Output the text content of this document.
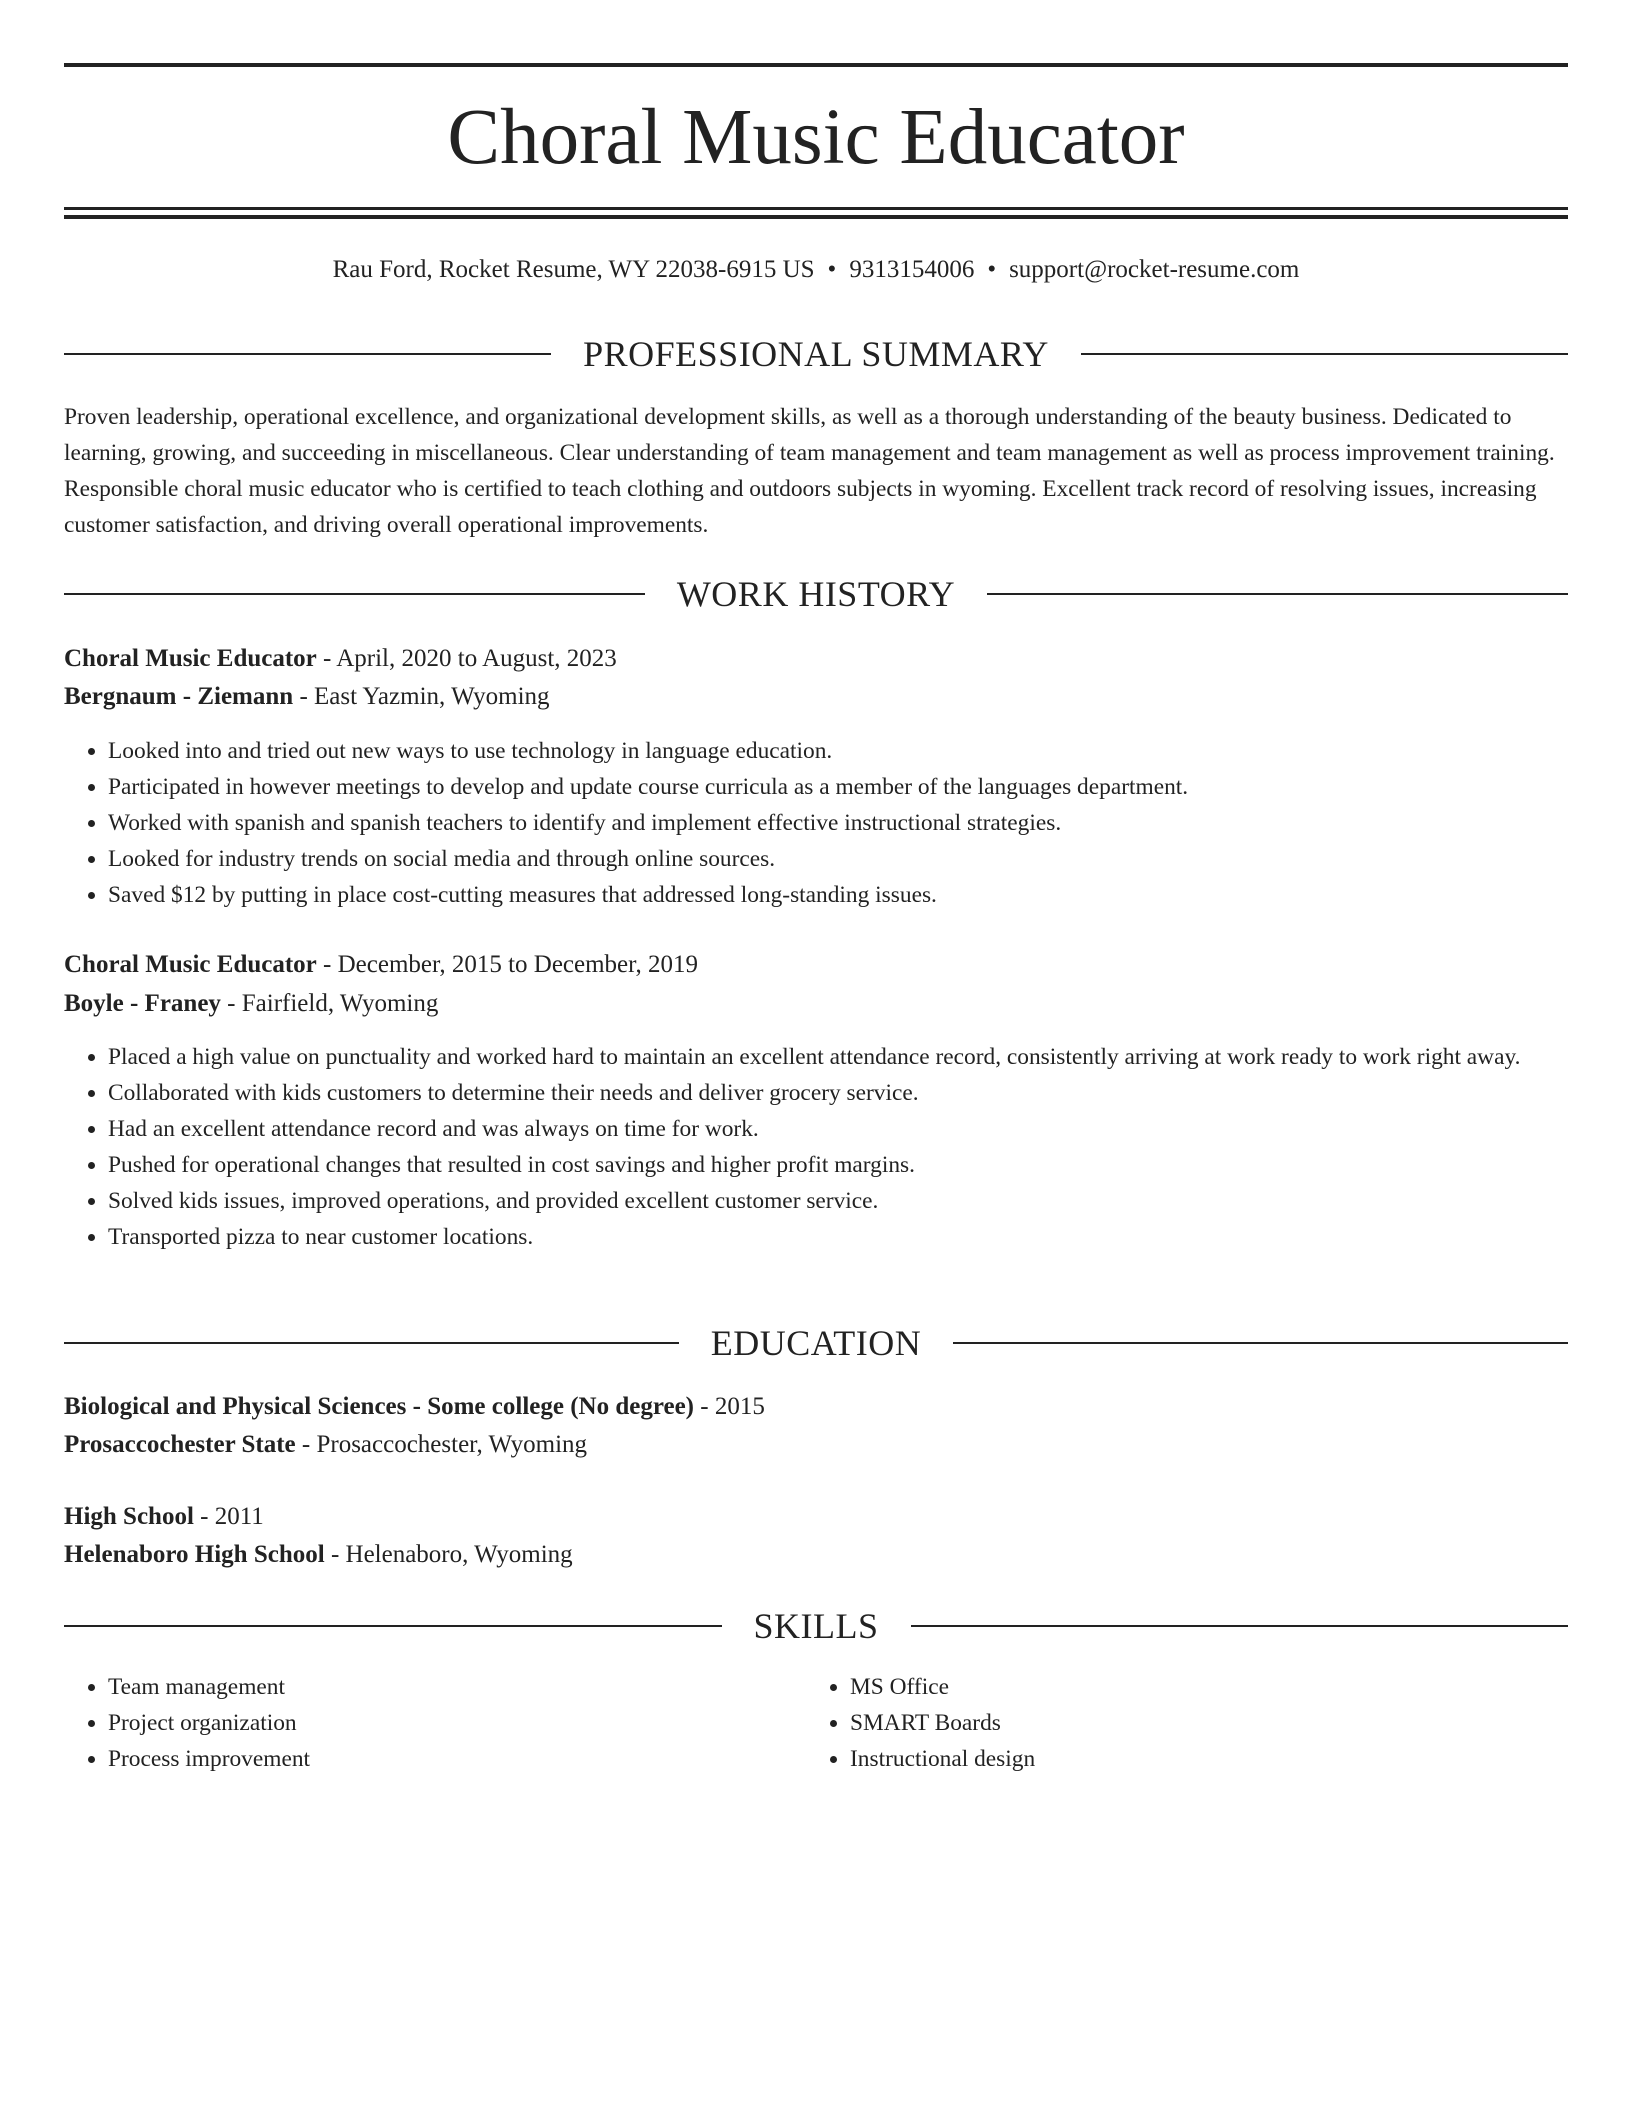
Choral Music Educator
Rau Ford, Rocket Resume, WY 22038-6915 US • 9313154006 • support@rocket-resume.com
PROFESSIONAL SUMMARY

Proven leadership, operational excellence, and organizational development skills, as well as a thorough understanding of the beauty business. Dedicated to learning, growing, and succeeding in miscellaneous. Clear understanding of team management and team management as well as process improvement training. Responsible choral music educator who is certified to teach clothing and outdoors subjects in wyoming. Excellent track record of resolving issues, increasing customer satisfaction, and driving overall operational improvements.

WORK HISTORY
Choral Music Educator - April, 2020 to August, 2023
Bergnaum - Ziemann - East Yazmin, Wyoming
• Looked into and tried out new ways to use technology in language education.
• Participated in however meetings to develop and update course curricula as a member of the languages department.
• Worked with spanish and spanish teachers to identify and implement effective instructional strategies.
• Looked for industry trends on social media and through online sources.
• Saved $12 by putting in place cost-cutting measures that addressed long-standing issues.
Choral Music Educator - December, 2015 to December, 2019
Boyle - Franey - Fairfield, Wyoming
• Placed a high value on punctuality and worked hard to maintain an excellent attendance record, consistently arriving at work ready to work right away.
• Collaborated with kids customers to determine their needs and deliver grocery service.
• Had an excellent attendance record and was always on time for work.
• Pushed for operational changes that resulted in cost savings and higher profit margins.
• Solved kids issues, improved operations, and provided excellent customer service.
• Transported pizza to near customer locations.
EDUCATION
Biological and Physical Sciences - Some college (No degree) - 2015
Prosaccochester State - Prosaccochester, Wyoming
High School - 2011
Helenaboro High School - Helenaboro, Wyoming
SKILLS
• Team management
• Project organization
• Process improvement
• MS Office
• SMART Boards
• Instructional design
